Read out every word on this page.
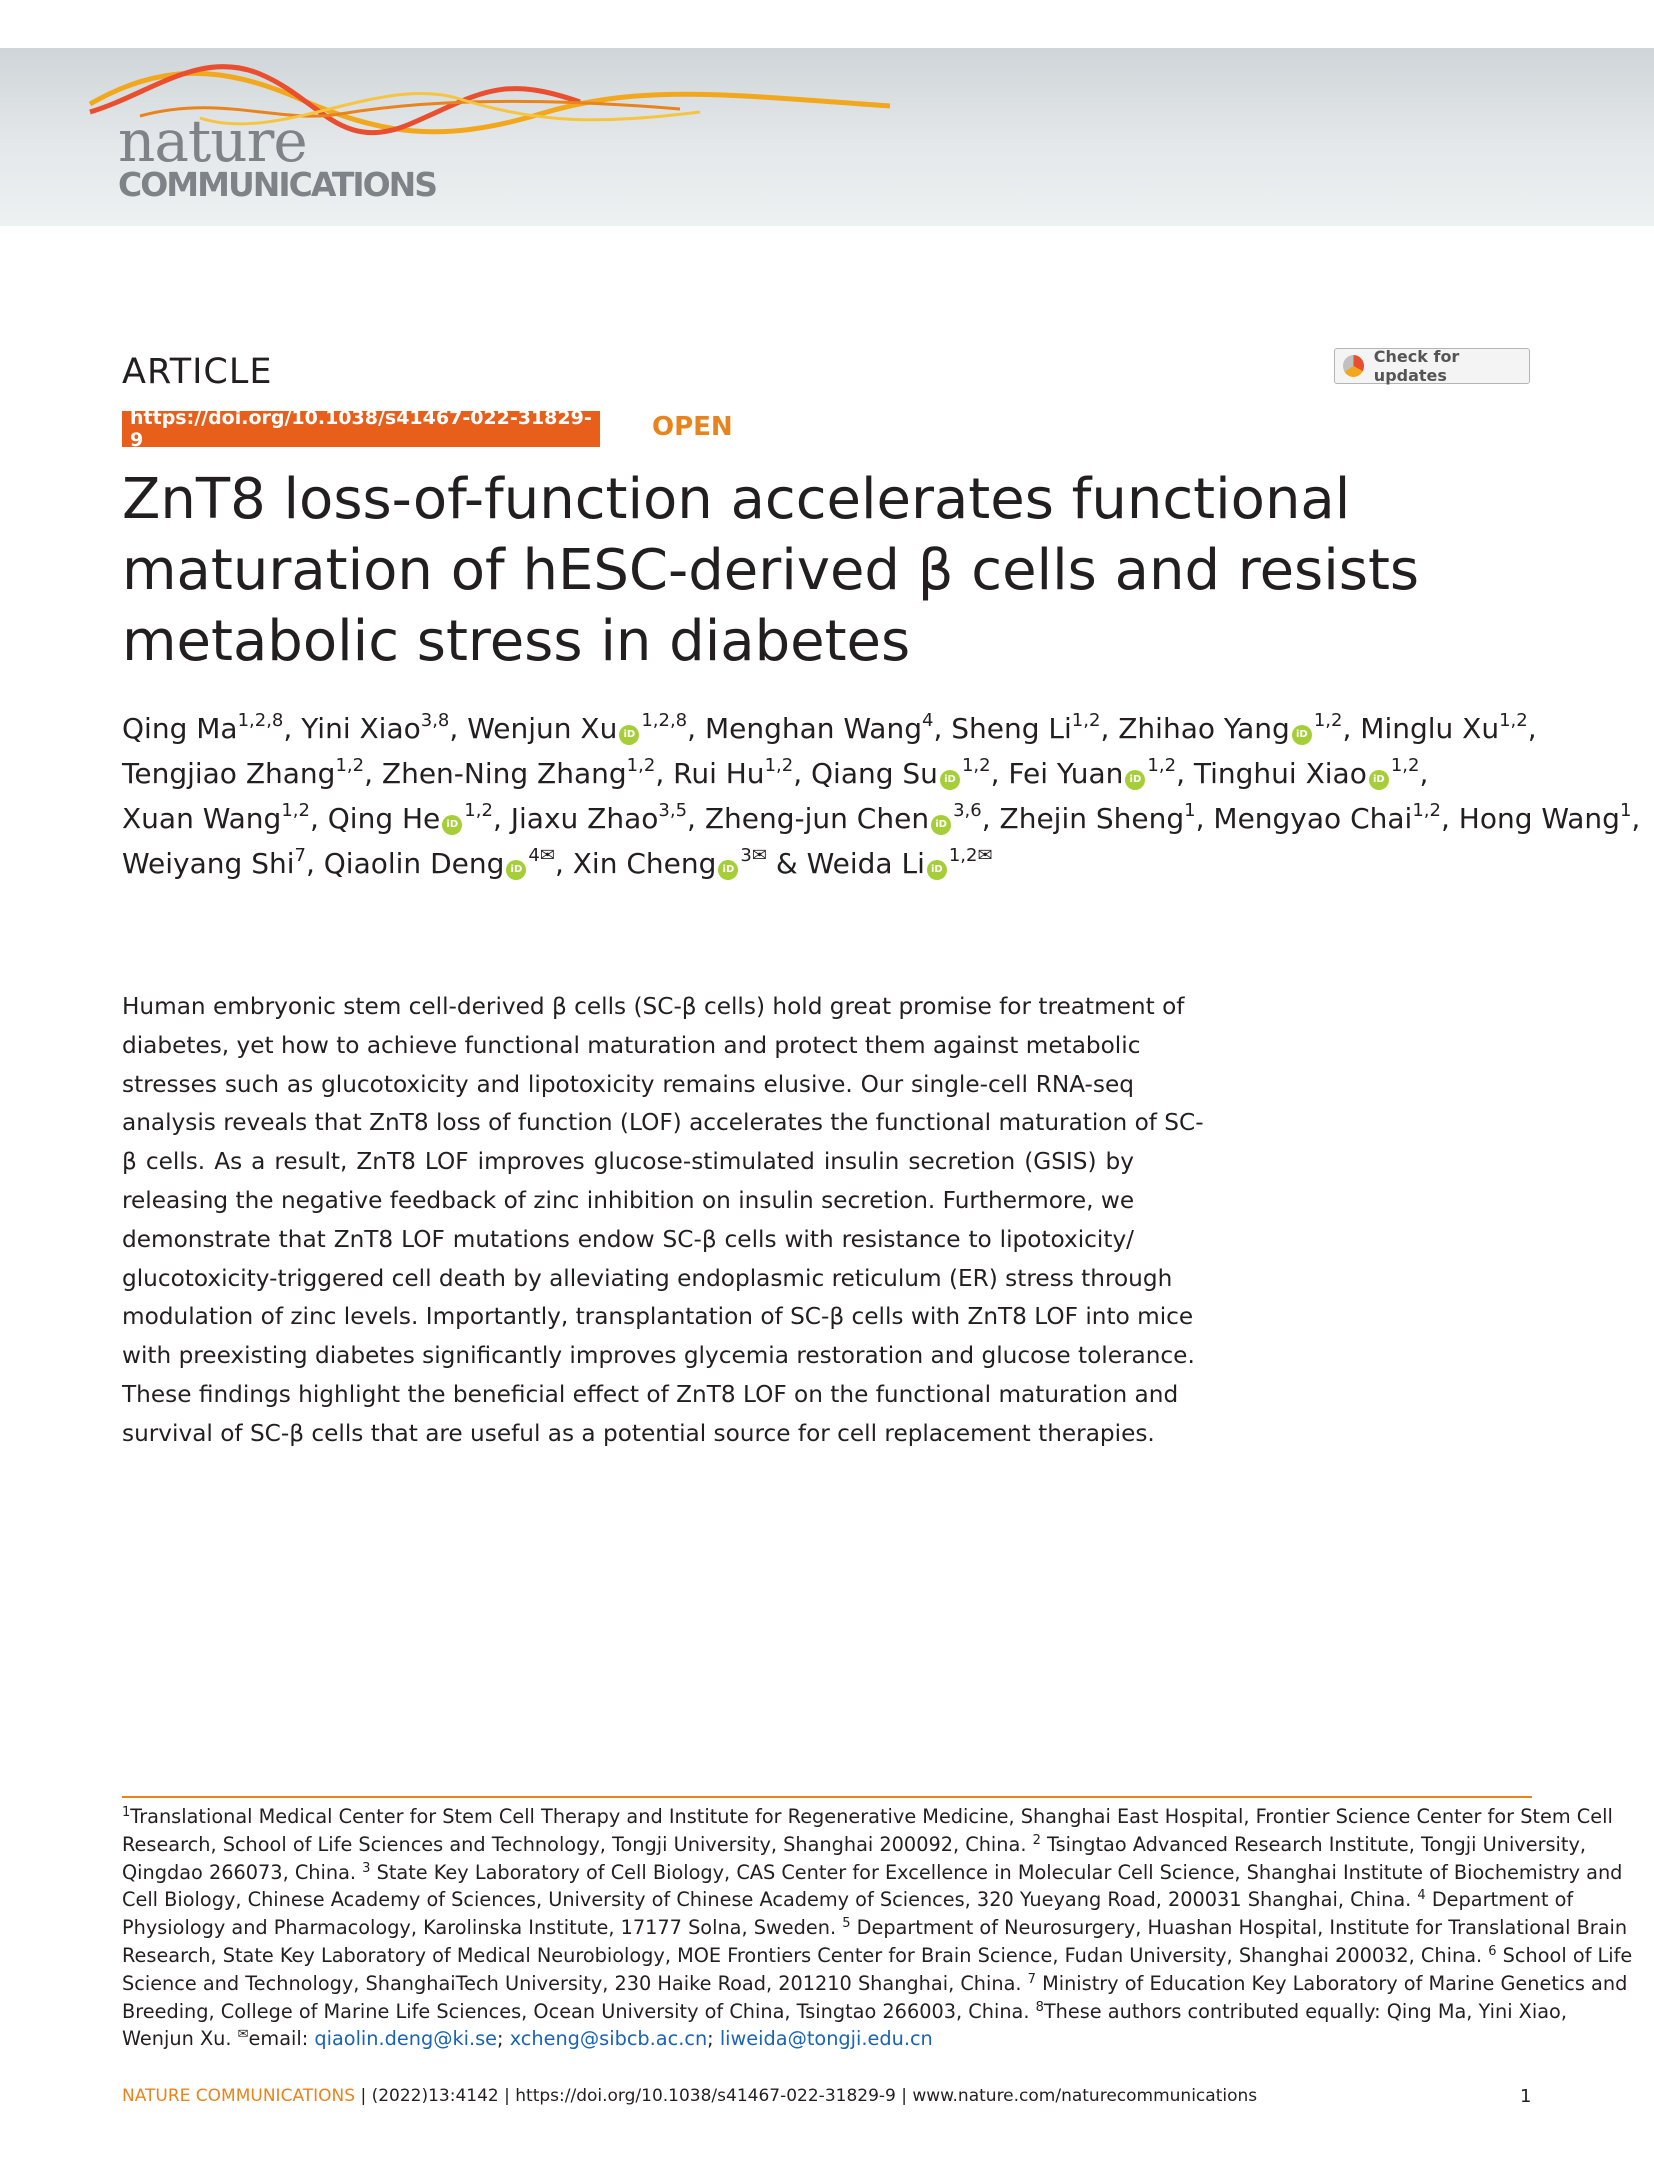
nature
COMMUNICATIONS
ARTICLE	Check for updates
https://doi.org/10.1038/s41467-022-31829-9	OPEN
ZnT8 loss-of-function accelerates functional
maturation of hESC-derived β cells and resists
metabolic stress in diabetes
Qing Ma$^{1,2,8}$, Yini Xiao$^{3,8}$, Wenjun Xu iD$^{1,2,8}$, Menghan Wang$^4$, Sheng Li$^{1,2}$, Zhihao Yang iD$^{1,2}$, Minglu Xu$^{1,2}$,
Tengjiao Zhang$^{1,2}$, Zhen-Ning Zhang$^{1,2}$, Rui Hu$^{1,2}$, Qiang Su iD$^{1,2}$, Fei Yuan iD$^{1,2}$, Tinghui Xiao iD$^{1,2}$,
Xuan Wang$^{1,2}$, Qing He iD$^{1,2}$, Jiaxu Zhao$^{3,5}$, Zheng-jun Chen iD$^{3,6}$, Zhejin Sheng$^1$, Mengyao Chai$^{1,2}$, Hong Wang$^1$,
Weiyang Shi$^7$, Qiaolin Deng $iD^{4✉}$, Xin Cheng $iD^{3✉}$ & Weida Li $iD^{1,2✉}$
Human embryonic stem cell-derived β cells (SC-β cells) hold great promise for treatment of
diabetes, yet how to achieve functional maturation and protect them against metabolic
stresses such as glucotoxicity and lipotoxicity remains elusive. Our single-cell RNA-seq
analysis reveals that ZnT8 loss of function (LOF) accelerates the functional maturation of SC-
β cells. As a result, ZnT8 LOF improves glucose-stimulated insulin secretion (GSIS) by
releasing the negative feedback of zinc inhibition on insulin secretion. Furthermore, we
demonstrate that ZnT8 LOF mutations endow SC-β cells with resistance to lipotoxicity/
glucotoxicity-triggered cell death by alleviating endoplasmic reticulum (ER) stress through
modulation of zinc levels. Importantly, transplantation of SC-β cells with ZnT8 LOF into mice
with preexisting diabetes significantly improves glycemia restoration and glucose tolerance.
These findings highlight the beneficial effect of ZnT8 LOF on the functional maturation and
survival of SC-β cells that are useful as a potential source for cell replacement therapies.
$^1$Translational Medical Center for Stem Cell Therapy and Institute for Regenerative Medicine, Shanghai East Hospital, Frontier Science Center for Stem Cell
Research, School of Life Sciences and Technology, Tongji University, Shanghai 200092, China. $^2$ Tsingtao Advanced Research Institute, Tongji University,
Qingdao 266073, China. $^3$ State Key Laboratory of Cell Biology, CAS Center for Excellence in Molecular Cell Science, Shanghai Institute of Biochemistry and
Cell Biology, Chinese Academy of Sciences, University of Chinese Academy of Sciences, 320 Yueyang Road, 200031 Shanghai, China. $^4$ Department of
Physiology and Pharmacology, Karolinska Institute, 17177 Solna, Sweden. $^5$ Department of Neurosurgery, Huashan Hospital, Institute for Translational Brain
Research, State Key Laboratory of Medical Neurobiology, MOE Frontiers Center for Brain Science, Fudan University, Shanghai 200032, China. $^6$ School of Life
Science and Technology, ShanghaiTech University, 230 Haike Road, 201210 Shanghai, China. $^7$ Ministry of Education Key Laboratory of Marine Genetics and
Breeding, College of Marine Life Sciences, Ocean University of China, Tsingtao 266003, China. $^8$These authors contributed equally: Qing Ma, Yini Xiao,
Wenjun Xu. ✉email: qiaolin.deng@ki.se; xcheng@sibcb.ac.cn; liweida@tongji.edu.cn
NATURE COMMUNICATIONS | (2022)13:4142 | https://doi.org/10.1038/s41467-022-31829-9 | www.nature.com/naturecommunications	1
